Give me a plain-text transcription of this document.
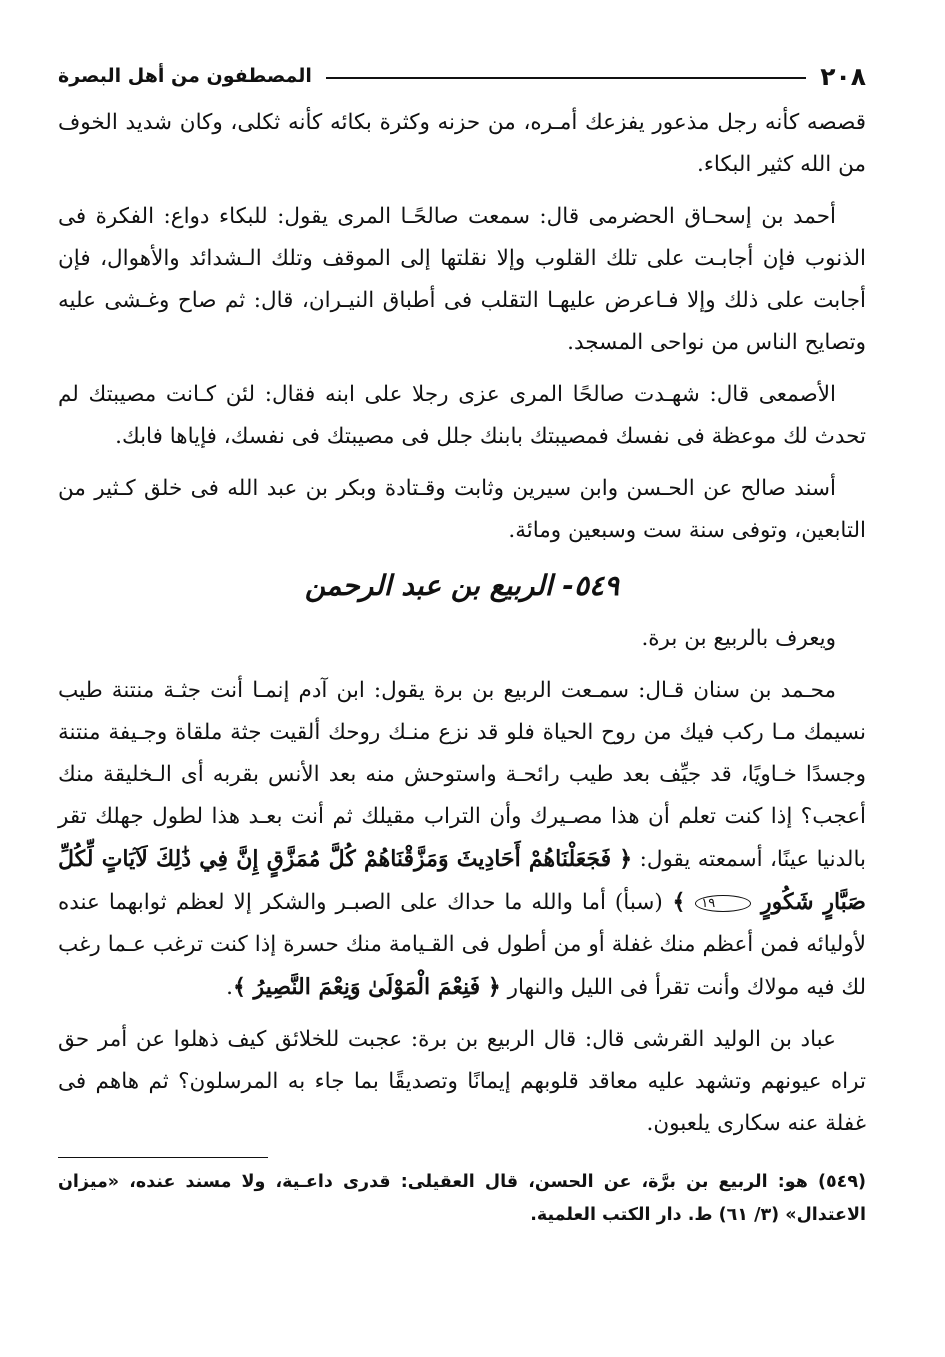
٢٠٨
المصطفون من أهل البصرة

قصصه كأنه رجل مذعور يفزعك أمـره، من حزنه وكثرة بكائه كأنه ثكلى، وكان شديد الخوف من الله كثير البكاء.

أحمد بن إسحـاق الحضرمى قال: سمعت صالحًـا المرى يقول: للبكاء دواع: الفكرة فى الذنوب فإن أجابـت على تلك القلوب وإلا نقلتها إلى الموقف وتلك الـشدائد والأهوال، فإن أجابت على ذلك وإلا فـاعرض عليهـا التقلب فى أطباق النيـران، قال: ثم صاح وغـشى عليه وتصايح الناس من نواحى المسجد.

الأصمعى قال: شهـدت صالحًا المرى عزى رجلا على ابنه فقال: لئن كـانت مصيبتك لم تحدث لك موعظة فى نفسك فمصيبتك بابنك جلل فى مصيبتك فى نفسك، فإياها فابك.

أسند صالح عن الحـسن وابن سيرين وثابت وقـتادة وبكر بن عبد الله فى خلق كـثير من التابعين، وتوفى سنة ست وسبعين ومائة.

٥٤٩- الربيع بن عبد الرحمن

ويعرف بالربيع بن برة.

محـمد بن سنان قـال: سمـعت الربيع بن برة يقول: ابن آدم إنمـا أنت جثـة منتنة طيب نسيمك مـا ركب فيك من روح الحياة فلو قد نزع منـك روحك ألقيت جثة ملقاة وجـيفة منتنة وجسدًا خـاويًا، قد جيِّف بعد طيب رائحـة واستوحش منه بعد الأنس بقربه أى الـخليقة منك أعجب؟ إذا كنت تعلم أن هذا مصـيرك وأن التراب مقيلك ثم أنت بعـد هذا لطول جهلك تقر بالدنيا عينًا، أسمعته يقول: ﴿ فَجَعَلْنَاهُمْ أَحَادِيثَ وَمَزَّقْنَاهُمْ كُلَّ مُمَزَّقٍ إِنَّ فِي ذَٰلِكَ لَآيَاتٍ لِّكُلِّ صَبَّارٍ شَكُورٍ ١٩ ﴾ (سبأ) أما والله ما حداك على الصبـر والشكر إلا لعظم ثوابهما عنده لأوليائه فمن أعظم منك غفلة أو من أطول فى القـيامة منك حسرة إذا كنت ترغب عـما رغب لك فيه مولاك وأنت تقرأ فى الليل والنهار ﴿ فَنِعْمَ الْمَوْلَىٰ وَنِعْمَ النَّصِيرُ ﴾.

عباد بن الوليد القرشى قال: قال الربيع بن برة: عجبت للخلائق كيف ذهلوا عن أمر حق تراه عيونهم وتشهد عليه معاقد قلوبهم إيمانًا وتصديقًا بما جاء به المرسلون؟ ثم هاهم فى غفلة عنه سكارى يلعبون.

(٥٤٩) هو: الربيع بن برَّة، عن الحسن، قال العقيلى: قدرى داعـية، ولا مسند عنده، «ميزان الاعتدال» (٣/ ٦١) ط. دار الكتب العلمية.
